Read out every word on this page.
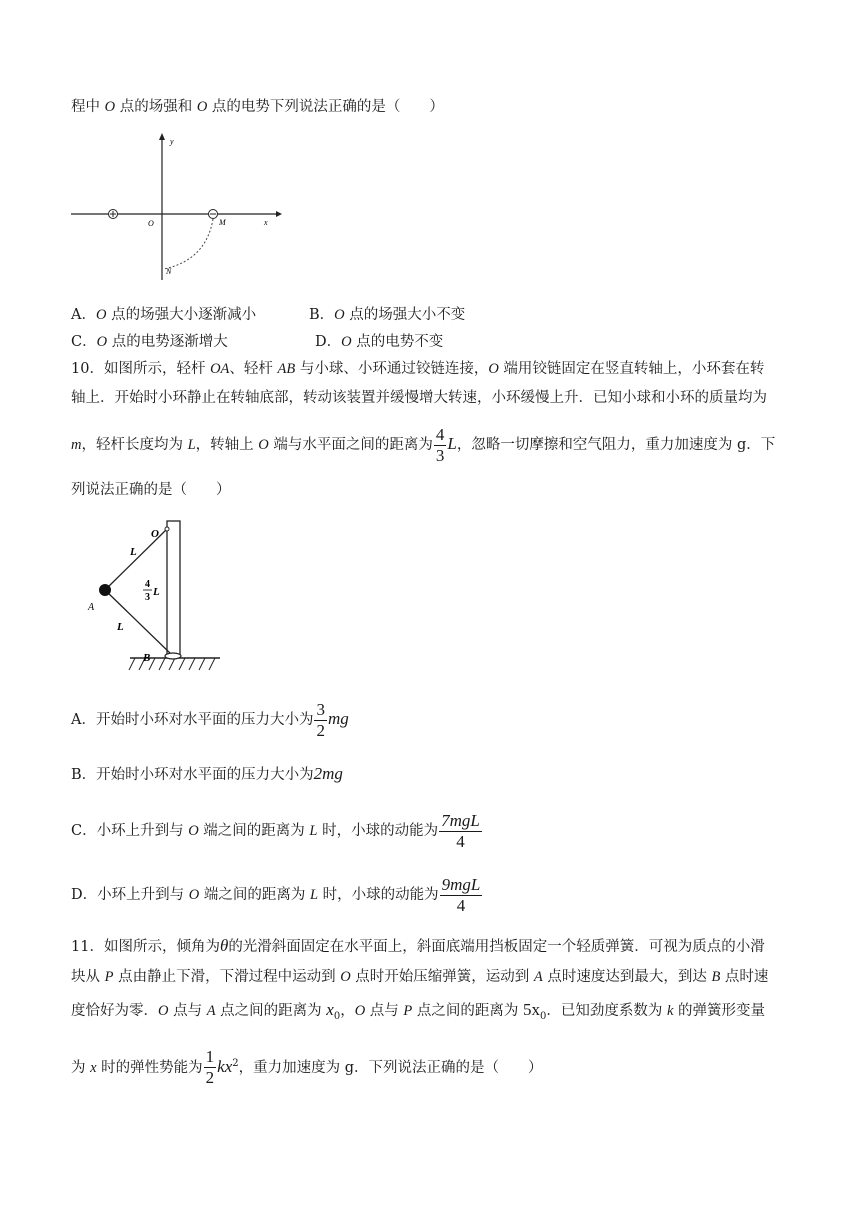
程中 O 点的场强和 O 点的电势下列说法正确的是（　　）
y
x
O	M
N
A．O 点的场强大小逐渐减小	B．O 点的场强大小不变
C．O 点的电势逐渐增大	D．O 点的电势不变
10．如图所示，轻杆 OA、轻杆 AB 与小球、小环通过铰链连接，O 端用铰链固定在竖直转轴上，小环套在转
轴上．开始时小环静止在转轴底部，转动该装置并缓慢增大转速，小环缓慢上升．已知小球和小环的质量均为
m，轻杆长度均为 L，转轴上 O 端与水平面之间的距离为 $\frac{4}{3}$ L，忽略一切摩擦和空气阻力，重力加速度为 g．下
列说法正确的是（　　）
O
A
B
L
L
4
3 L
A．开始时小环对水平面的压力大小为 $\frac{3}{2}$ mg
B．开始时小环对水平面的压力大小为2mg
C．小环上升到与 O 端之间的距离为 L 时，小球的动能为 $\frac{\text{7mgL}}{4}$
D．小环上升到与 O 端之间的距离为 L 时，小球的动能为 $\frac{\text{9mgL}}{4}$
11．如图所示，倾角为θ的光滑斜面固定在水平面上，斜面底端用挡板固定一个轻质弹簧．可视为质点的小滑
块从 P 点由静止下滑，下滑过程中运动到 O 点时开始压缩弹簧，运动到 A 点时速度达到最大，到达 B 点时速
度恰好为零．O 点与 A 点之间的距离为 $x_0$，O 点与 P 点之间的距离为 $5x_0$．已知劲度系数为 k 的弹簧形变量
为 x 时的弹性势能为 $\frac{1}{2} kx^2$，重力加速度为 g．下列说法正确的是（　　）
